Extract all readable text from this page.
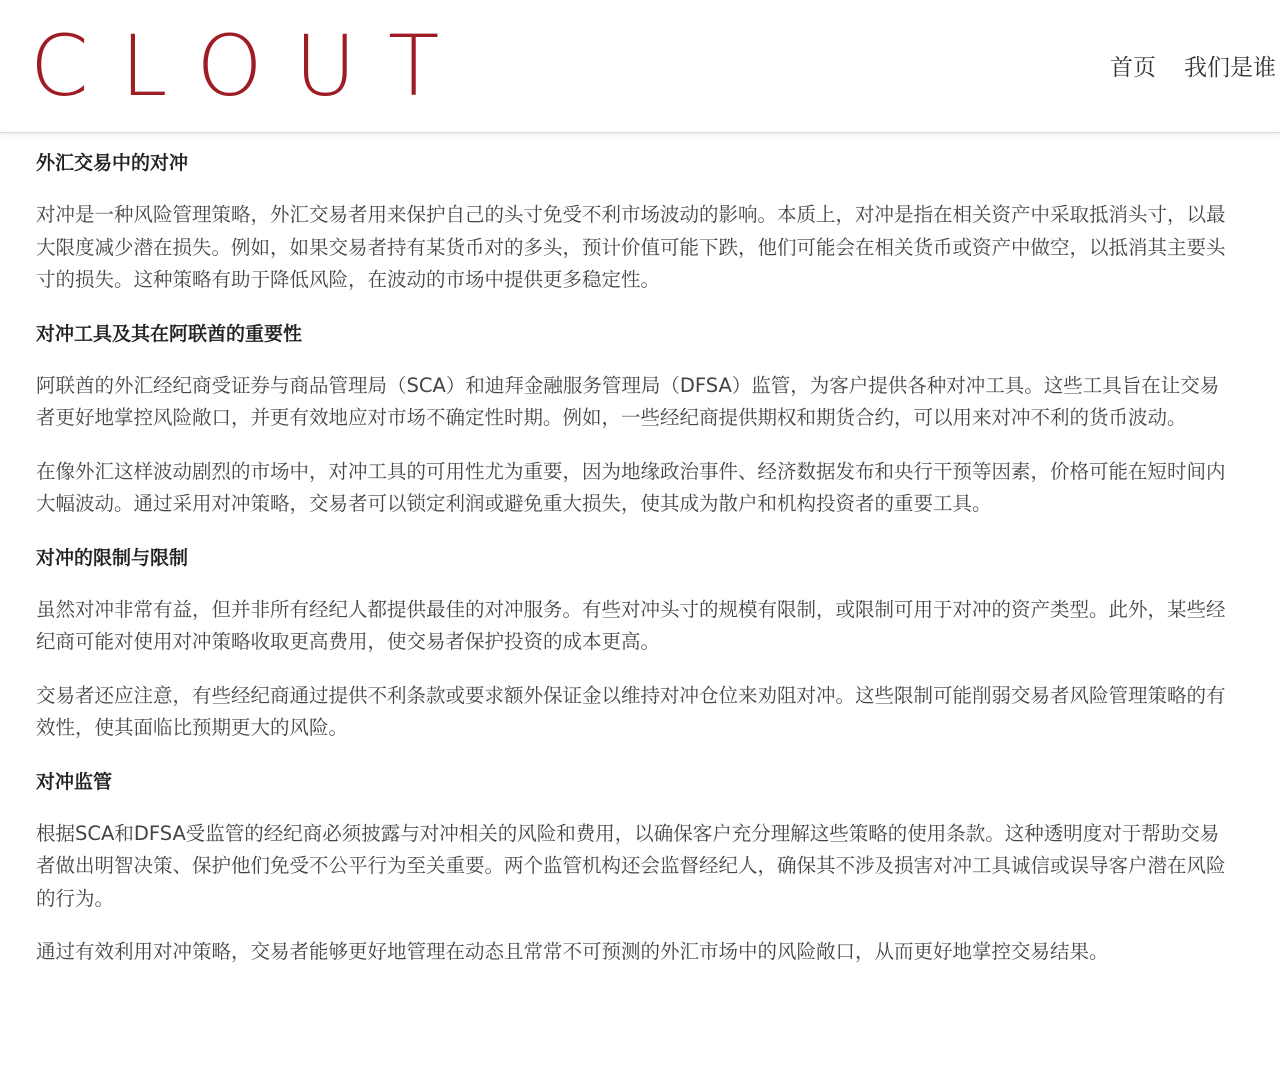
CLOUT	首页 我们是谁
外汇交易中的对冲

对冲是一种风险管理策略，外汇交易者用来保护自己的头寸免受不利市场波动的影响。本质上，对冲是指在相关资产中采取抵消头寸，以最大限度减少潜在损失。例如，如果交易者持有某货币对的多头，预计价值可能下跌，他们可能会在相关货币或资产中做空，以抵消其主要头寸的损失。这种策略有助于降低风险，在波动的市场中提供更多稳定性。

对冲工具及其在阿联酋的重要性

阿联酋的外汇经纪商受证券与商品管理局（SCA）和迪拜金融服务管理局（DFSA）监管，为客户提供各种对冲工具。这些工具旨在让交易者更好地掌控风险敞口，并更有效地应对市场不确定性时期。例如，一些经纪商提供期权和期货合约，可以用来对冲不利的货币波动。

在像外汇这样波动剧烈的市场中，对冲工具的可用性尤为重要，因为地缘政治事件、经济数据发布和央行干预等因素，价格可能在短时间内大幅波动。通过采用对冲策略，交易者可以锁定利润或避免重大损失，使其成为散户和机构投资者的重要工具。

对冲的限制与限制

虽然对冲非常有益，但并非所有经纪人都提供最佳的对冲服务。有些对冲头寸的规模有限制，或限制可用于对冲的资产类型。此外，某些经纪商可能对使用对冲策略收取更高费用，使交易者保护投资的成本更高。

交易者还应注意，有些经纪商通过提供不利条款或要求额外保证金以维持对冲仓位来劝阻对冲。这些限制可能削弱交易者风险管理策略的有效性，使其面临比预期更大的风险。

对冲监管

根据SCA和DFSA受监管的经纪商必须披露与对冲相关的风险和费用，以确保客户充分理解这些策略的使用条款。这种透明度对于帮助交易者做出明智决策、保护他们免受不公平行为至关重要。两个监管机构还会监督经纪人，确保其不涉及损害对冲工具诚信或误导客户潜在风险的行为。

通过有效利用对冲策略，交易者能够更好地管理在动态且常常不可预测的外汇市场中的风险敞口，从而更好地掌控交易结果。
